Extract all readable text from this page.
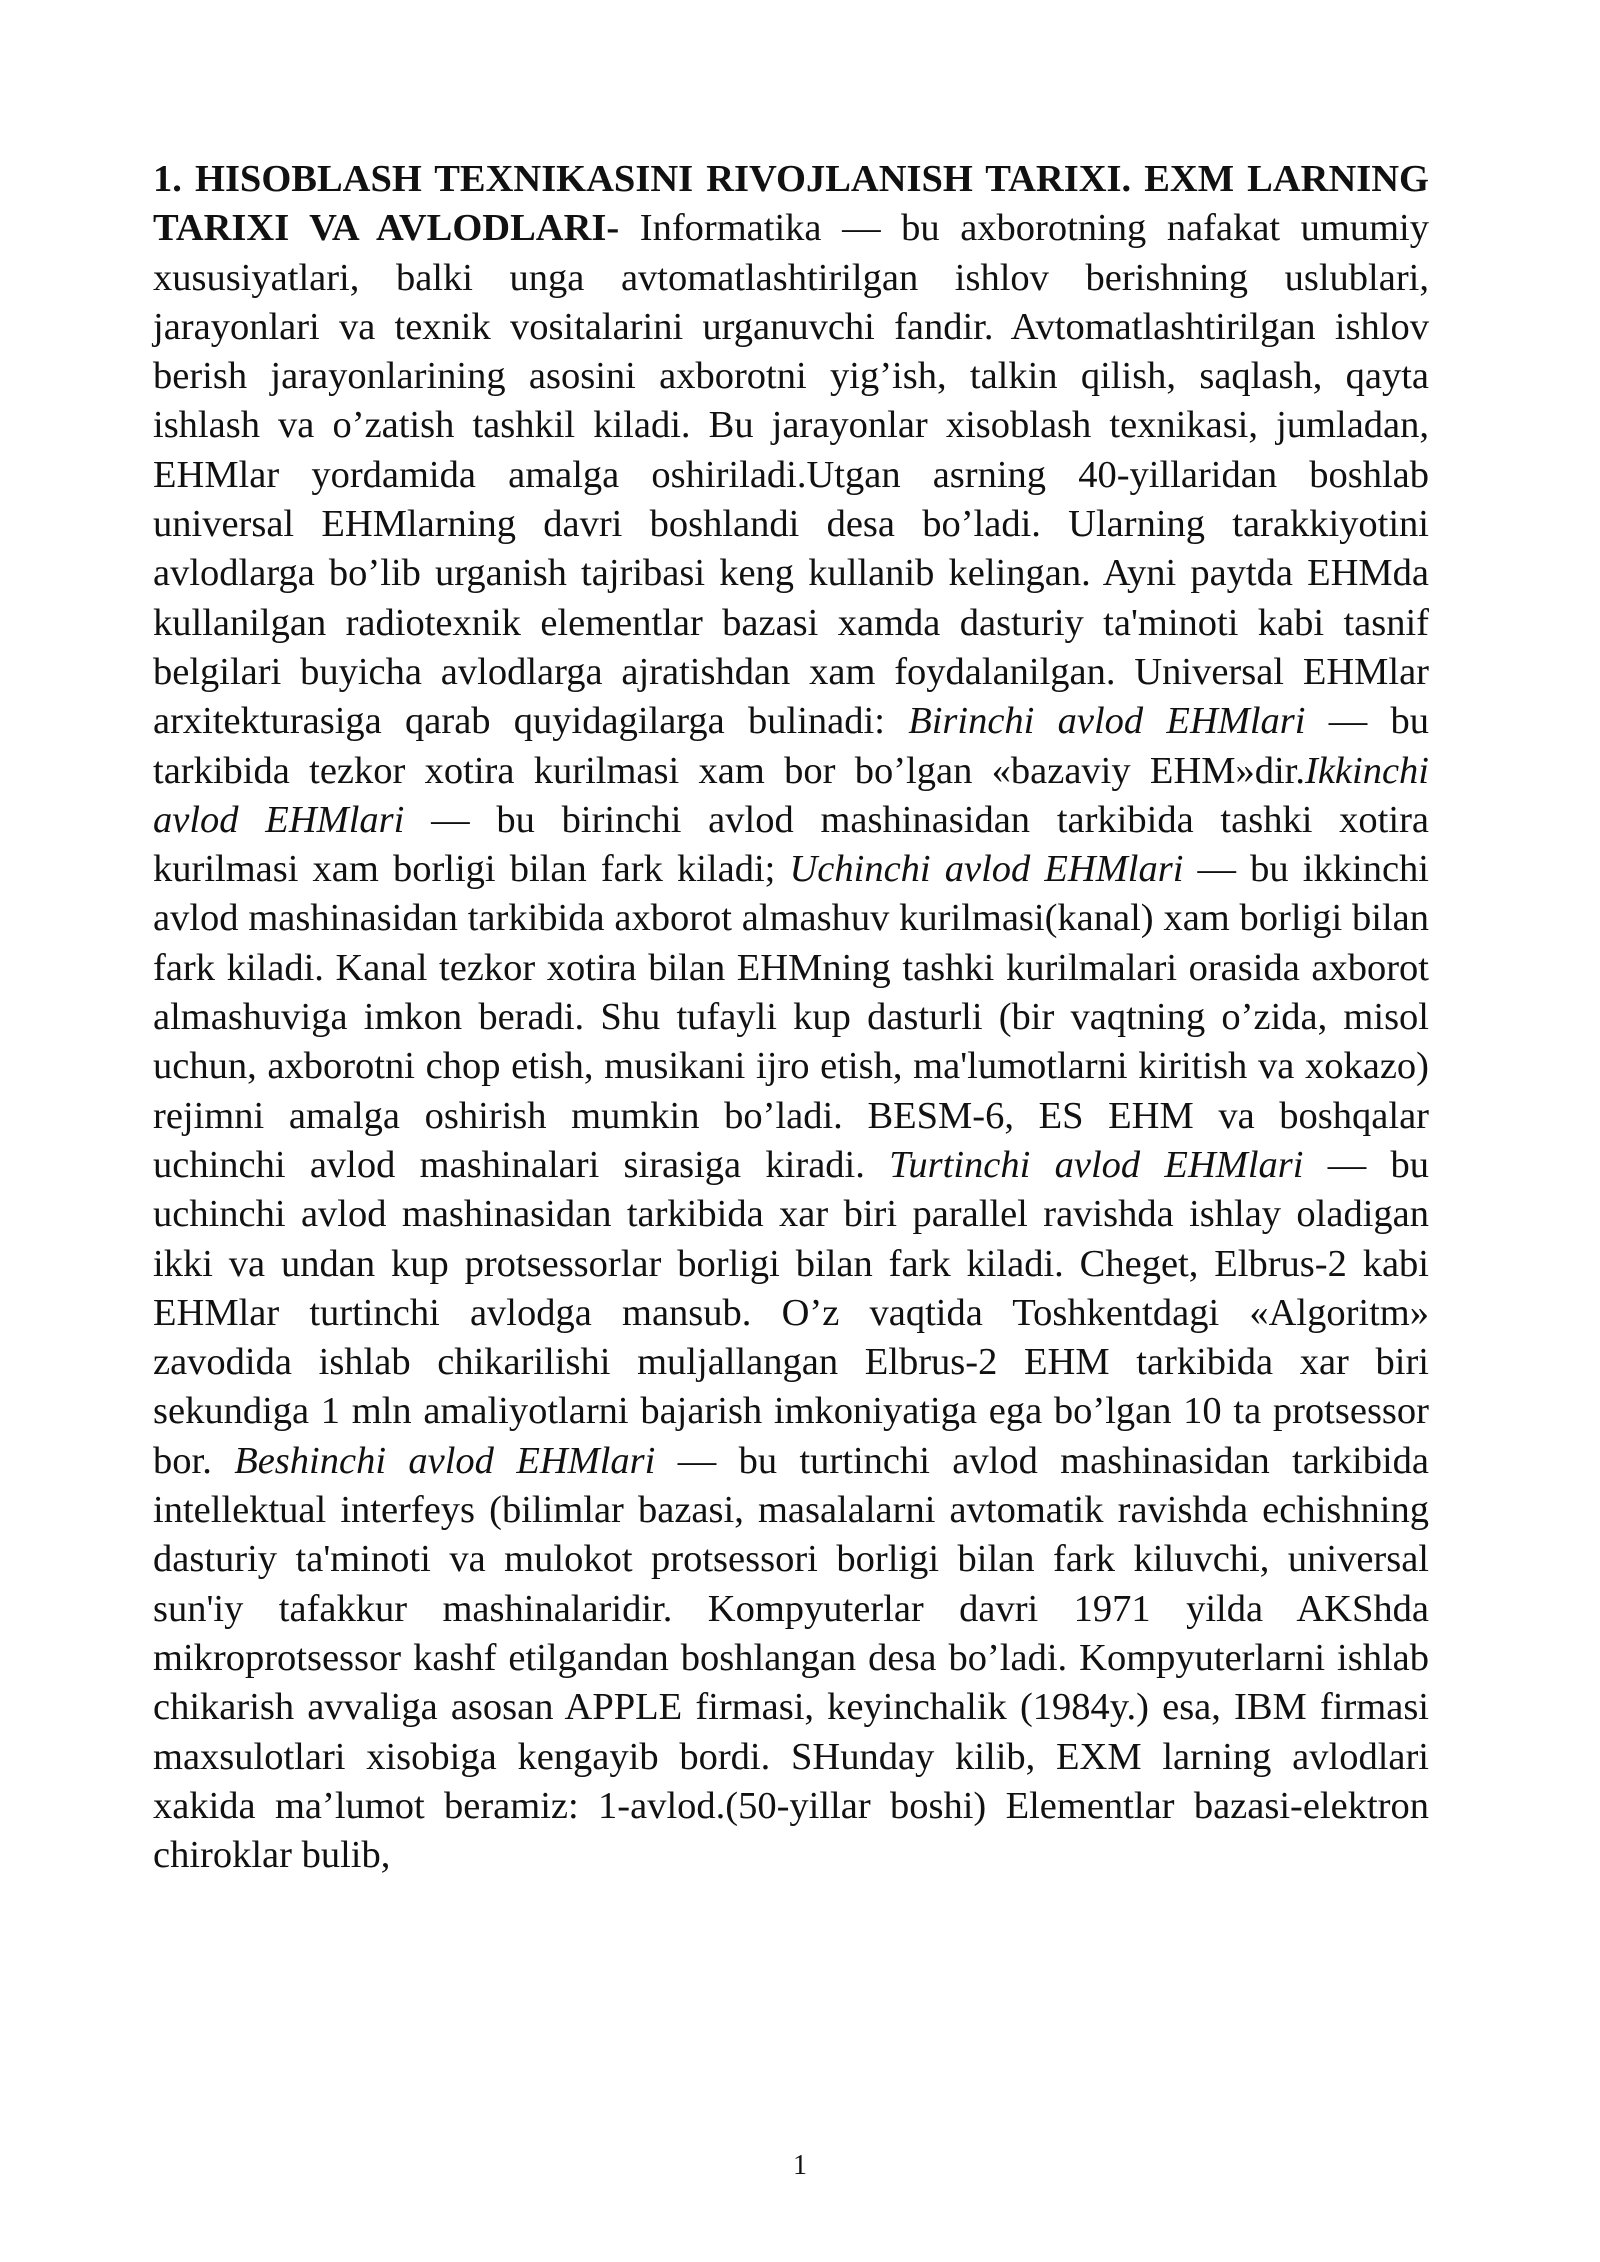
1. HISOBLASH TEXNIKASINI RIVOJLANISH TARIXI. EXM LARNING TARIXI VA AVLODLARI- Informatika — bu axborotning nafakat umumiy xususiyatlari, balki unga avtomatlashtirilgan ishlov berishning uslublari, jarayonlari va texnik vositalarini urganuvchi fandir. Avtomatlashtirilgan ishlov berish jarayonlarining asosini axborotni yig’ish, talkin qilish, saqlash, qayta ishlash va o’zatish tashkil kiladi. Bu jarayonlar xisoblash texnikasi, jumladan, EHMlar yordamida amalga oshiriladi.Utgan asrning 40-yillaridan boshlab universal EHMlarning davri boshlandi desa bo’ladi. Ularning tarakkiyotini avlodlarga bo’lib urganish tajribasi keng kullanib kelingan. Ayni paytda EHMda kullanilgan radiotexnik elementlar bazasi xamda dasturiy ta'minoti kabi tasnif belgilari buyicha avlodlarga ajratishdan xam foydalanilgan. Universal EHMlar arxitekturasiga qarab quyidagilarga bulinadi: Birinchi avlod EHMlari — bu tarkibida tezkor xotira kurilmasi xam bor bo’lgan «bazaviy EHM»dir.Ikkinchi avlod EHMlari — bu birinchi avlod mashinasidan tarkibida tashki xotira kurilmasi xam borligi bilan fark kiladi; Uchinchi avlod EHMlari — bu ikkinchi avlod mashinasidan tarkibida axborot almashuv kurilmasi(kanal) xam borligi bilan fark kiladi. Kanal tezkor xotira bilan EHMning tashki kurilmalari orasida axborot almashuviga imkon beradi. Shu tufayli kup dasturli (bir vaqtning o’zida, misol uchun, axborotni chop etish, musikani ijro etish, ma'lumotlarni kiritish va xokazo) rejimni amalga oshirish mumkin bo’ladi. BESM-6, ES EHM va boshqalar uchinchi avlod mashinalari sirasiga kiradi. Turtinchi avlod EHMlari — bu uchinchi avlod mashinasidan tarkibida xar biri parallel ravishda ishlay oladigan ikki va undan kup protsessorlar borligi bilan fark kiladi. Cheget, Elbrus-2 kabi EHMlar turtinchi avlodga mansub. O’z vaqtida Toshkentdagi «Algoritm» zavodida ishlab chikarilishi muljallangan Elbrus-2 EHM tarkibida xar biri sekundiga 1 mln amaliyotlarni bajarish imkoniyatiga ega bo’lgan 10 ta protsessor bor. Beshinchi avlod EHMlari — bu turtinchi avlod mashinasidan tarkibida intellektual interfeys (bilimlar bazasi, masalalarni avtomatik ravishda echishning dasturiy ta'minoti va mulokot protsessori borligi bilan fark kiluvchi, universal sun'iy tafakkur mashinalaridir. Kompyuterlar davri 1971 yilda AKShda mikroprotsessor kashf etilgandan boshlangan desa bo’ladi. Kompyuterlarni ishlab chikarish avvaliga asosan APPLE firmasi, keyinchalik (1984y.) esa, IBM firmasi maxsulotlari xisobiga kengayib bordi. SHunday kilib, EXM larning avlodlari xakida ma’lumot beramiz: 1-avlod.(50-yillar boshi) Elementlar bazasi-elektron chiroklar bulib,

1
